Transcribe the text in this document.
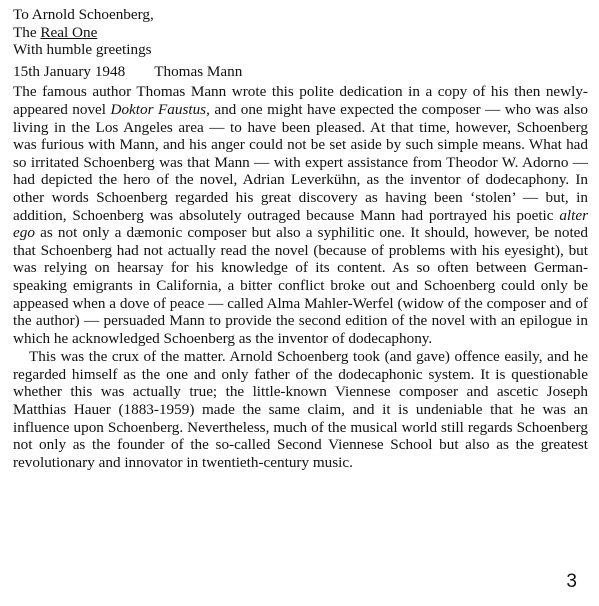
To Arnold Schoenberg,
The Real One
With humble greetings
15th January 1948 Thomas Mann

The famous author Thomas Mann wrote this polite dedication in a copy of his then newly-appeared novel Doktor Faustus, and one might have expected the composer — who was also living in the Los Angeles area — to have been pleased. At that time, however, Schoenberg was furious with Mann, and his anger could not be set aside by such simple means. What had so irritated Schoenberg was that Mann — with expert assistance from Theodor W. Adorno — had depicted the hero of the novel, Adrian Leverkühn, as the inventor of dodecaphony. In other words Schoenberg regarded his great discovery as having been ‘stolen’ — but, in addition, Schoenberg was absolutely outraged because Mann had portrayed his poetic alter ego as not only a dæmonic composer but also a syphilitic one. It should, however, be noted that Schoenberg had not actually read the novel (because of problems with his eyesight), but was relying on hearsay for his knowledge of its content. As so often between German-speaking emigrants in California, a bitter conflict broke out and Schoenberg could only be appeased when a dove of peace — called Alma Mahler-Werfel (widow of the composer and of the author) — persuaded Mann to provide the second edition of the novel with an epilogue in which he acknowledged Schoenberg as the inventor of dodecaphony.

This was the crux of the matter. Arnold Schoenberg took (and gave) offence easily, and he regarded himself as the one and only father of the dodecaphonic system. It is questionable whether this was actually true; the little-known Viennese composer and ascetic Joseph Matthias Hauer (1883-1959) made the same claim, and it is undeniable that he was an influence upon Schoenberg. Nevertheless, much of the musical world still regards Schoenberg not only as the founder of the so-called Second Viennese School but also as the greatest revolutionary and innovator in twentieth-century music.

3
